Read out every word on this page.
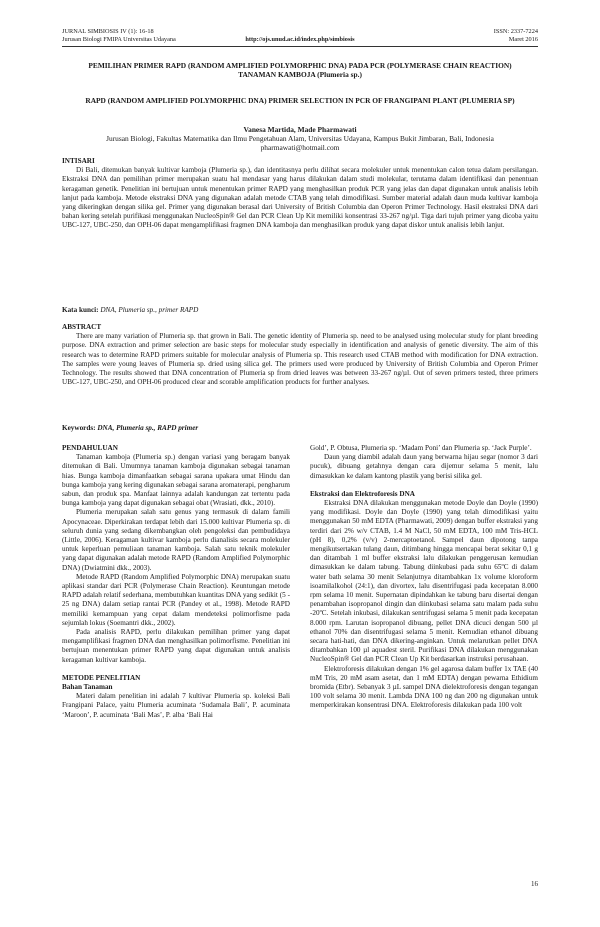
JURNAL SIMBIOSIS IV (1): 16-18
Jurusan Biologi FMIPA Universitas Udayana	http://ojs.unud.ac.id/index.php/simbiosis
ISSN: 2337-7224
Maret 2016
PEMILIHAN PRIMER RAPD (RANDOM AMPLIFIED POLYMORPHIC DNA) PADA PCR (POLYMERASE CHAIN REACTION) TANAMAN KAMBOJA (Plumeria sp.)
RAPD (RANDOM AMPLIFIED POLYMORPHIC DNA) PRIMER SELECTION IN PCR OF FRANGIPANI PLANT (PLUMERIA SP)
Vanesa Martida, Made Pharmawati
Jurusan Biologi, Fakultas Matematika dan Ilmu Pengetahuan Alam, Universitas Udayana, Kampus Bukit Jimbaran, Bali, Indonesia
pharmawati@hotmail.com
INTISARI

Di Bali, ditemukan banyak kultivar kamboja (Plumeria sp.), dan identitasnya perlu dilihat secara molekuler untuk menentukan calon tetua dalam persilangan. Ekstraksi DNA dan pemilihan primer merupakan suatu hal mendasar yang harus dilakukan dalam studi molekular, terutama dalam identifikasi dan penentuan keragaman genetik. Penelitian ini bertujuan untuk menentukan primer RAPD yang menghasilkan produk PCR yang jelas dan dapat digunakan untuk analisis lebih lanjut pada kamboja. Metode ekstraksi DNA yang digunakan adalah metode CTAB yang telah dimodifikasi. Sumber material adalah daun muda kultivar kamboja yang dikeringkan dengan silika gel. Primer yang digunakan berasal dari University of British Columbia dan Operon Primer Technology. Hasil ekstraksi DNA dari bahan kering setelah purifikasi menggunakan NucleoSpin® Gel dan PCR Clean Up Kit memiliki konsentrasi 33-267 ng/µl. Tiga dari tujuh primer yang dicoba yaitu UBC-127, UBC-250, dan OPH-06 dapat mengamplifikasi fragmen DNA kamboja dan menghasilkan produk yang dapat diskor untuk analisis lebih lanjut.

Kata kunci: DNA, Plumeria sp., primer RAPD
ABSTRACT

There are many variation of Plumeria sp. that grown in Bali. The genetic identity of Plumeria sp. need to be analysed using molecular study for plant breeding purpose. DNA extraction and primer selection are basic steps for molecular study especially in identification and analysis of genetic diversity. The aim of this research was to determine RAPD primers suitable for molecular analysis of Plumeria sp. This research used CTAB method with modification for DNA extraction. The samples were young leaves of Plumeria sp. dried using silica gel. The primers used were produced by University of British Columbia and Operon Primer Technology. The results showed that DNA concentration of Plumeria sp from dried leaves was between 33-267 ng/µl. Out of seven primers tested, three primers UBC-127, UBC-250, and OPH-06 produced clear and scorable amplification products for further analyses.

Keywords: DNA, Plumeria sp., RAPD primer
PENDAHULUAN

Tanaman kamboja (Plumeria sp.) dengan variasi yang beragam banyak ditemukan di Bali. Umumnya tanaman kamboja digunakan sebagai tanaman hias. Bunga kamboja dimanfaatkan sebagai sarana upakara umat Hindu dan bunga kamboja yang kering digunakan sebagai sarana aromaterapi, pengharum sabun, dan produk spa. Manfaat lainnya adalah kandungan zat tertentu pada bunga kamboja yang dapat digunakan sebagai obat (Wrasiati, dkk., 2010).

Plumeria merupakan salah satu genus yang termasuk di dalam famili Apocynaceae. Diperkirakan terdapat lebih dari 15.000 kultivar Plumeria sp. di seluruh dunia yang sedang dikembangkan oleh pengoleksi dan pembudidaya (Little, 2006). Keragaman kultivar kamboja perlu dianalisis secara molekuler untuk keperluan pemuliaan tanaman kamboja. Salah satu teknik molekuler yang dapat digunakan adalah metode RAPD (Random Amplified Polymorphic DNA) (Dwiatmini dkk., 2003).

Metode RAPD (Random Amplified Polymorphic DNA) merupakan suatu aplikasi standar dari PCR (Polymerase Chain Reaction). Keuntungan metode RAPD adalah relatif sederhana, membutuhkan kuantitas DNA yang sedikit (5 - 25 ng DNA) dalam setiap rantai PCR (Pandey et al., 1998). Metode RAPD memiliki kemampuan yang cepat dalam mendeteksi polimorfisme pada sejumlah lokus (Soemantri dkk., 2002).

Pada analisis RAPD, perlu dilakukan pemilihan primer yang dapat mengamplifikasi fragmen DNA dan menghasilkan polimorfisme. Penelitian ini bertujuan menentukan primer RAPD yang dapat digunakan untuk analisis keragaman kultivar kamboja.

METODE PENELITIAN
Bahan Tanaman

Materi dalam penelitian ini adalah 7 kultivar Plumeria sp. koleksi Bali Frangipani Palace, yaitu Plumeria acuminata ‘Sudamala Bali’, P. acuminata ‘Maroon’, P. acuminata ‘Bali Mas’, P. alba ‘Bali Hai

Gold’, P. Obtusa, Plumeria sp. ‘Madam Poni’ dan Plumeria sp. ‘Jack Purple’.

Daun yang diambil adalah daun yang berwarna hijau segar (nomor 3 dari pucuk), dibuang getahnya dengan cara dijemur selama 5 menit, lalu dimasukkan ke dalam kantong plastik yang berisi silika gel.

Ekstraksi dan Elektroforesis DNA

Ekstraksi DNA dilakukan menggunakan metode Doyle dan Doyle (1990) yang modifikasi. Doyle dan Doyle (1990) yang telah dimodifikasi yaitu menggunakan 50 mM EDTA (Pharmawati, 2009) dengan buffer ekstraksi yang terdiri dari 2% w/v CTAB, 1.4 M NaCl, 50 mM EDTA, 100 mM Tris-HCL (pH 8), 0,2% (v/v) 2-mercaptoetanol. Sampel daun dipotong tanpa mengikutsertakan tulang daun, ditimbang hingga mencapai berat sekitar 0,1 g dan ditambah 1 ml buffer ekstraksi lalu dilakukan penggerusan kemudian dimasukkan ke dalam tabung. Tabung diinkubasi pada suhu 65ºC di dalam water bath selama 30 menit Selanjutnya ditambahkan 1x volume kloroform isoamilalkohol (24:1), dan divortex, lalu disentrifugasi pada kecepatan 8.000 rpm selama 10 menit. Supernatan dipindahkan ke tabung baru disertai dengan penambahan isopropanol dingin dan diinkubasi selama satu malam pada suhu -20ºC. Setelah inkubasi, dilakukan sentrifugasi selama 5 menit pada kecepatan 8.000 rpm. Larutan isopropanol dibuang, pellet DNA dicuci dengan 500 µl ethanol 70% dan disentrifugasi selama 5 menit. Kemudian ethanol dibuang secara hati-hati, dan DNA dikering-anginkan. Untuk melarutkan pellet DNA ditambahkan 100 µl aquadest steril. Purifikasi DNA dilakukan menggunakan NucleoSpin® Gel dan PCR Clean Up Kit berdasarkan instruksi perusahaan.

Elektroforesis dilakukan dengan 1% gel agarosa dalam buffer 1x TAE (40 mM Tris, 20 mM asam asetat, dan 1 mM EDTA) dengan pewarna Ethidium bromida (Etbr). Sebanyak 3 µL sampel DNA dielektroforesis dengan tegangan 100 volt selama 30 menit. Lambda DNA 100 ng dan 200 ng digunakan untuk memperkirakan konsentrasi DNA. Elektroforesis dilakukan pada 100 volt

16
